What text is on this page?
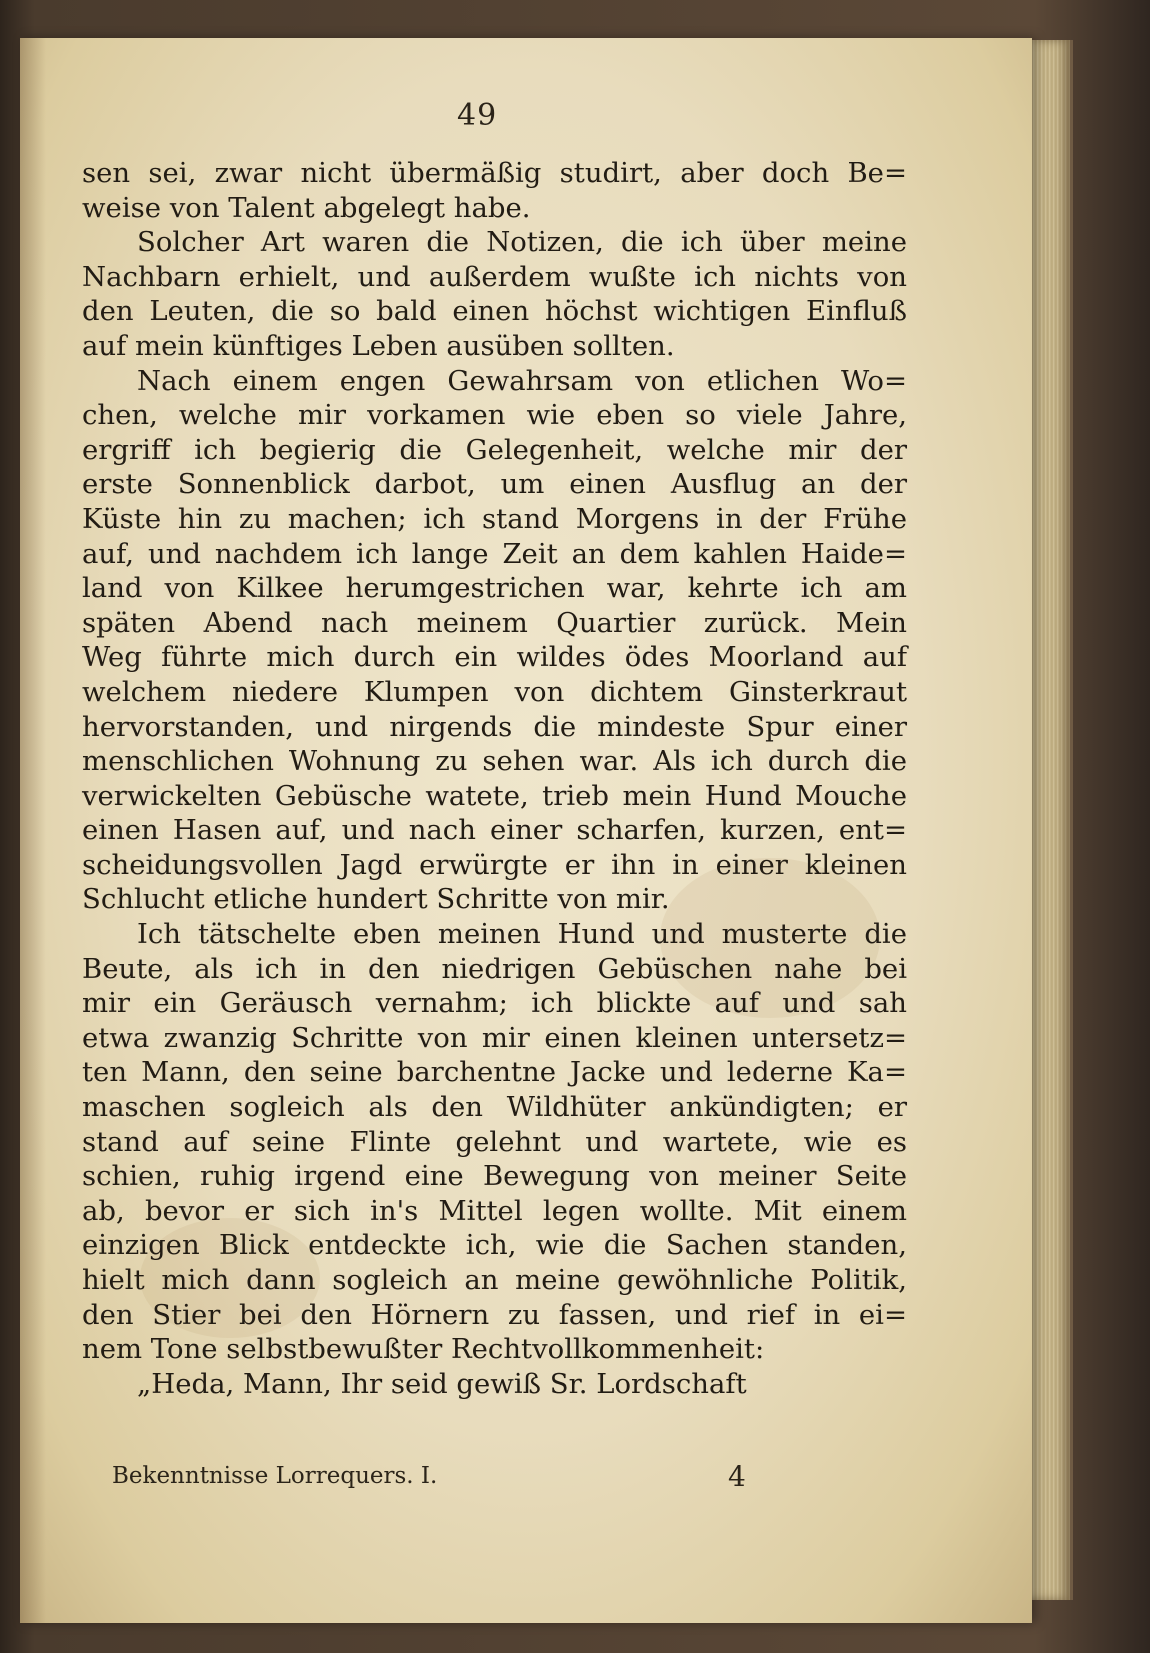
49
sen sei, zwar nicht übermäßig studirt, aber doch Be=
weise von Talent abgelegt habe.
Solcher Art waren die Notizen, die ich über meine
Nachbarn erhielt, und außerdem wußte ich nichts von
den Leuten, die so bald einen höchst wichtigen Einfluß
auf mein künftiges Leben ausüben sollten.
Nach einem engen Gewahrsam von etlichen Wo=
chen, welche mir vorkamen wie eben so viele Jahre,
ergriff ich begierig die Gelegenheit, welche mir der
erste Sonnenblick darbot, um einen Ausflug an der
Küste hin zu machen; ich stand Morgens in der Frühe
auf, und nachdem ich lange Zeit an dem kahlen Haide=
land von Kilkee herumgestrichen war, kehrte ich am
späten Abend nach meinem Quartier zurück. Mein
Weg führte mich durch ein wildes ödes Moorland auf
welchem niedere Klumpen von dichtem Ginsterkraut
hervorstanden, und nirgends die mindeste Spur einer
menschlichen Wohnung zu sehen war. Als ich durch die
verwickelten Gebüsche watete, trieb mein Hund Mouche
einen Hasen auf, und nach einer scharfen, kurzen, ent=
scheidungsvollen Jagd erwürgte er ihn in einer kleinen
Schlucht etliche hundert Schritte von mir.
Ich tätschelte eben meinen Hund und musterte die
Beute, als ich in den niedrigen Gebüschen nahe bei
mir ein Geräusch vernahm; ich blickte auf und sah
etwa zwanzig Schritte von mir einen kleinen untersetz=
ten Mann, den seine barchentne Jacke und lederne Ka=
maschen sogleich als den Wildhüter ankündigten; er
stand auf seine Flinte gelehnt und wartete, wie es
schien, ruhig irgend eine Bewegung von meiner Seite
ab, bevor er sich in's Mittel legen wollte. Mit einem
einzigen Blick entdeckte ich, wie die Sachen standen,
hielt mich dann sogleich an meine gewöhnliche Politik,
den Stier bei den Hörnern zu fassen, und rief in ei=
nem Tone selbstbewußter Rechtvollkommenheit:
„Heda, Mann, Ihr seid gewiß Sr. Lordschaft
Bekenntnisse Lorrequers. I.	4
